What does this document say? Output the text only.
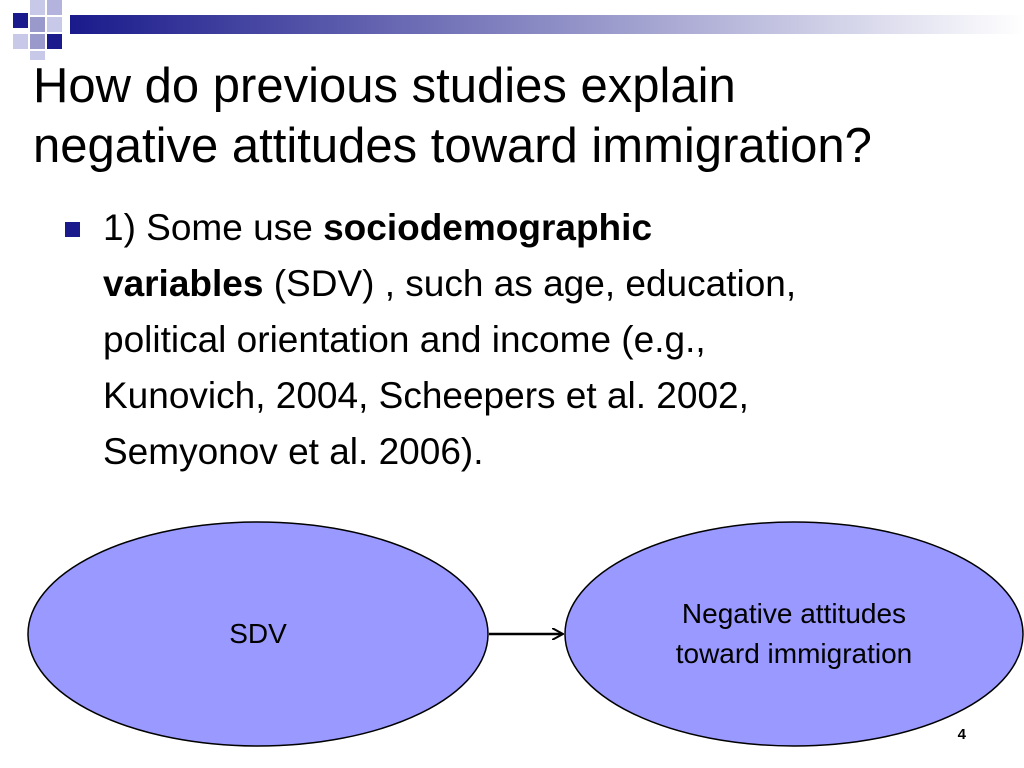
How do previous studies explain
negative attitudes toward immigration?
1) Some use sociodemographic
variables (SDV) , such as age, education,
political orientation and income (e.g.,
Kunovich, 2004, Scheepers et al. 2002,
Semyonov et al. 2006).
SDV
Negative attitudes
toward immigration
4
